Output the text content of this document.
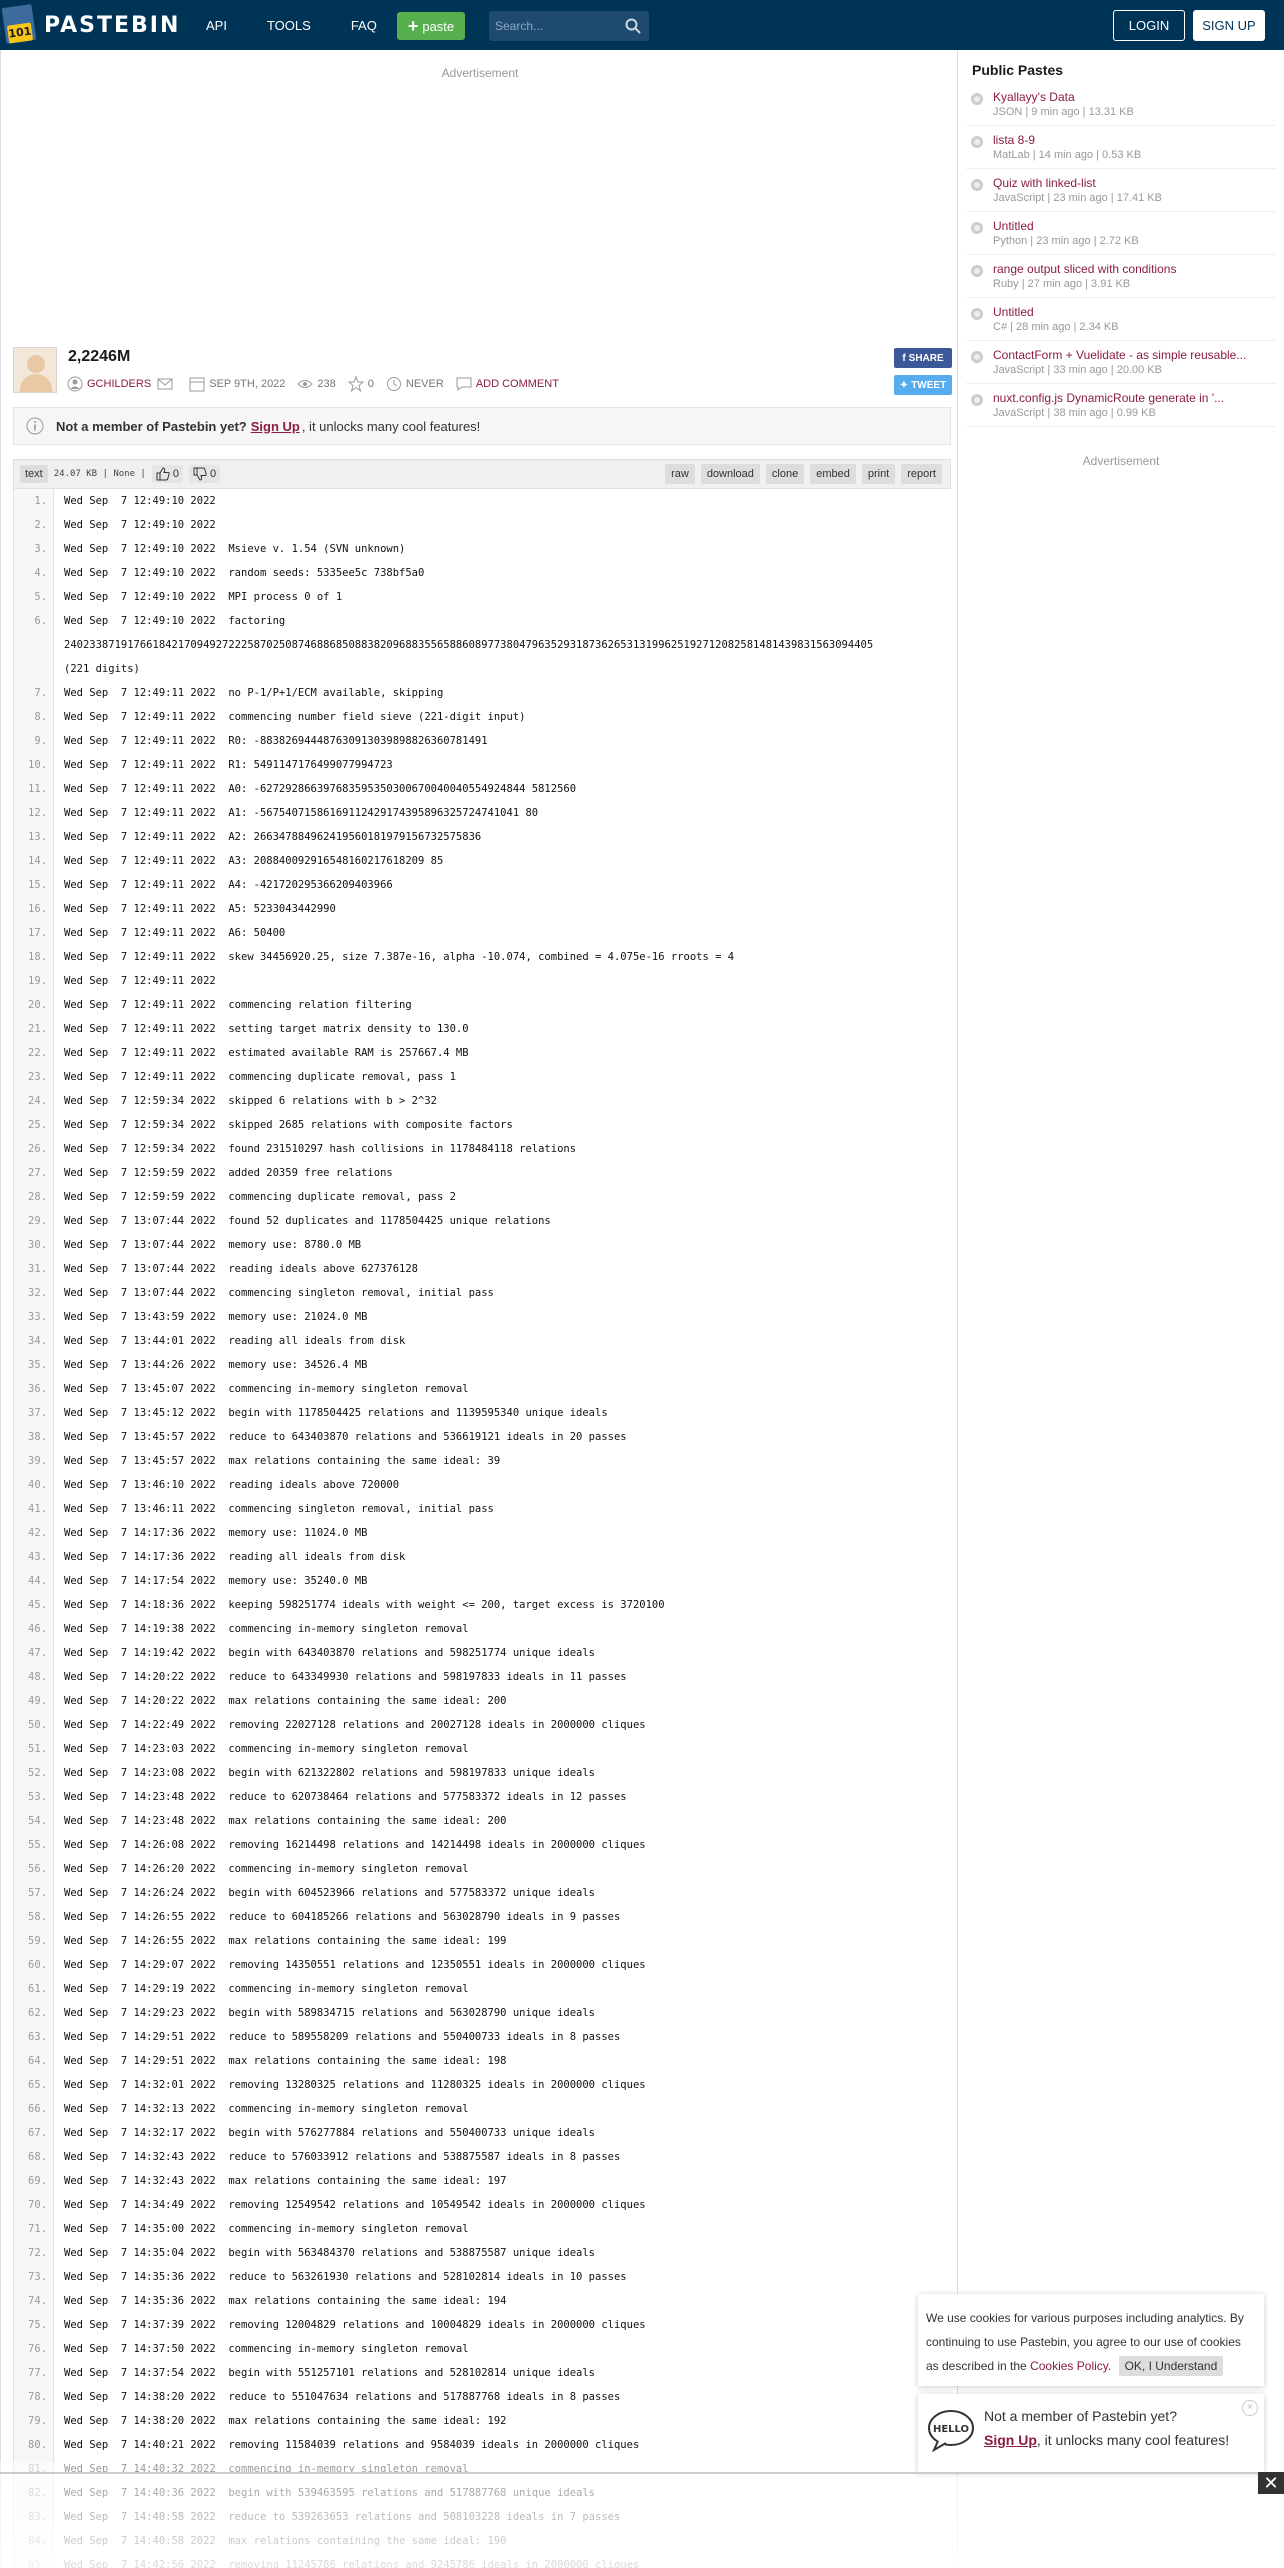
101 PASTEBIN API	TOOLS	FAQ + paste
Search...	LOGIN	SIGN UP
Advertisement
2,2246M
GCHILDERS	SEP 9TH, 2022	238	0	NEVER	ADD COMMENT
f SHARE
✦ TWEET
Not a member of Pastebin yet? Sign Up , it unlocks many cool features!
text	24.07 KB | None | 0	0	raw	download	clone	embed	print	report
1.	Wed Sep  7 12:49:10 2022
2.	Wed Sep  7 12:49:10 2022
3.	Wed Sep  7 12:49:10 2022  Msieve v. 1.54 (SVN unknown)
4.	Wed Sep  7 12:49:10 2022  random seeds: 5335ee5c 738bf5a0
5.	Wed Sep  7 12:49:10 2022  MPI process 0 of 1
6.	Wed Sep  7 12:49:10 2022  factoring
24023387191766184217094927222587025087468868508838209688355658860897738047963529318736265313199625192712082581481439831563094405
(221 digits)
7.	Wed Sep  7 12:49:11 2022  no P-1/P+1/ECM available, skipping
8.	Wed Sep  7 12:49:11 2022  commencing number field sieve (221-digit input)
9.	Wed Sep  7 12:49:11 2022  R0: -883826944487630913039898826360781491
10.	Wed Sep  7 12:49:11 2022  R1: 5491147176499077994723
11.	Wed Sep  7 12:49:11 2022  A0: -627292866397683595350300670040040554924844 5812560
12.	Wed Sep  7 12:49:11 2022  A1: -56754071586169112429174395896325724741041 80
13.	Wed Sep  7 12:49:11 2022  A2: 266347884962419560181979156732575836
14.	Wed Sep  7 12:49:11 2022  A3: 208840092916548160217618209 85
15.	Wed Sep  7 12:49:11 2022  A4: -421720295366209403966
16.	Wed Sep  7 12:49:11 2022  A5: 5233043442990
17.	Wed Sep  7 12:49:11 2022  A6: 50400
18.	Wed Sep  7 12:49:11 2022  skew 34456920.25, size 7.387e-16, alpha -10.074, combined = 4.075e-16 rroots = 4
19.	Wed Sep  7 12:49:11 2022
20.	Wed Sep  7 12:49:11 2022  commencing relation filtering
21.	Wed Sep  7 12:49:11 2022  setting target matrix density to 130.0
22.	Wed Sep  7 12:49:11 2022  estimated available RAM is 257667.4 MB
23.	Wed Sep  7 12:49:11 2022  commencing duplicate removal, pass 1
24.	Wed Sep  7 12:59:34 2022  skipped 6 relations with b > 2^32
25.	Wed Sep  7 12:59:34 2022  skipped 2685 relations with composite factors
26.	Wed Sep  7 12:59:34 2022  found 231510297 hash collisions in 1178484118 relations
27.	Wed Sep  7 12:59:59 2022  added 20359 free relations
28.	Wed Sep  7 12:59:59 2022  commencing duplicate removal, pass 2
29.	Wed Sep  7 13:07:44 2022  found 52 duplicates and 1178504425 unique relations
30.	Wed Sep  7 13:07:44 2022  memory use: 8780.0 MB
31.	Wed Sep  7 13:07:44 2022  reading ideals above 627376128
32.	Wed Sep  7 13:07:44 2022  commencing singleton removal, initial pass
33.	Wed Sep  7 13:43:59 2022  memory use: 21024.0 MB
34.	Wed Sep  7 13:44:01 2022  reading all ideals from disk
35.	Wed Sep  7 13:44:26 2022  memory use: 34526.4 MB
36.	Wed Sep  7 13:45:07 2022  commencing in-memory singleton removal
37.	Wed Sep  7 13:45:12 2022  begin with 1178504425 relations and 1139595340 unique ideals
38.	Wed Sep  7 13:45:57 2022  reduce to 643403870 relations and 536619121 ideals in 20 passes
39.	Wed Sep  7 13:45:57 2022  max relations containing the same ideal: 39
40.	Wed Sep  7 13:46:10 2022  reading ideals above 720000
41.	Wed Sep  7 13:46:11 2022  commencing singleton removal, initial pass
42.	Wed Sep  7 14:17:36 2022  memory use: 11024.0 MB
43.	Wed Sep  7 14:17:36 2022  reading all ideals from disk
44.	Wed Sep  7 14:17:54 2022  memory use: 35240.0 MB
45.	Wed Sep  7 14:18:36 2022  keeping 598251774 ideals with weight <= 200, target excess is 3720100
46.	Wed Sep  7 14:19:38 2022  commencing in-memory singleton removal
47.	Wed Sep  7 14:19:42 2022  begin with 643403870 relations and 598251774 unique ideals
48.	Wed Sep  7 14:20:22 2022  reduce to 643349930 relations and 598197833 ideals in 11 passes
49.	Wed Sep  7 14:20:22 2022  max relations containing the same ideal: 200
50.	Wed Sep  7 14:22:49 2022  removing 22027128 relations and 20027128 ideals in 2000000 cliques
51.	Wed Sep  7 14:23:03 2022  commencing in-memory singleton removal
52.	Wed Sep  7 14:23:08 2022  begin with 621322802 relations and 598197833 unique ideals
53.	Wed Sep  7 14:23:48 2022  reduce to 620738464 relations and 577583372 ideals in 12 passes
54.	Wed Sep  7 14:23:48 2022  max relations containing the same ideal: 200
55.	Wed Sep  7 14:26:08 2022  removing 16214498 relations and 14214498 ideals in 2000000 cliques
56.	Wed Sep  7 14:26:20 2022  commencing in-memory singleton removal
57.	Wed Sep  7 14:26:24 2022  begin with 604523966 relations and 577583372 unique ideals
58.	Wed Sep  7 14:26:55 2022  reduce to 604185266 relations and 563028790 ideals in 9 passes
59.	Wed Sep  7 14:26:55 2022  max relations containing the same ideal: 199
60.	Wed Sep  7 14:29:07 2022  removing 14350551 relations and 12350551 ideals in 2000000 cliques
61.	Wed Sep  7 14:29:19 2022  commencing in-memory singleton removal
62.	Wed Sep  7 14:29:23 2022  begin with 589834715 relations and 563028790 unique ideals
63.	Wed Sep  7 14:29:51 2022  reduce to 589558209 relations and 550400733 ideals in 8 passes
64.	Wed Sep  7 14:29:51 2022  max relations containing the same ideal: 198
65.	Wed Sep  7 14:32:01 2022  removing 13280325 relations and 11280325 ideals in 2000000 cliques
66.	Wed Sep  7 14:32:13 2022  commencing in-memory singleton removal
67.	Wed Sep  7 14:32:17 2022  begin with 576277884 relations and 550400733 unique ideals
68.	Wed Sep  7 14:32:43 2022  reduce to 576033912 relations and 538875587 ideals in 8 passes
69.	Wed Sep  7 14:32:43 2022  max relations containing the same ideal: 197
70.	Wed Sep  7 14:34:49 2022  removing 12549542 relations and 10549542 ideals in 2000000 cliques
71.	Wed Sep  7 14:35:00 2022  commencing in-memory singleton removal
72.	Wed Sep  7 14:35:04 2022  begin with 563484370 relations and 538875587 unique ideals
73.	Wed Sep  7 14:35:36 2022  reduce to 563261930 relations and 528102814 ideals in 10 passes
74.	Wed Sep  7 14:35:36 2022  max relations containing the same ideal: 194
75.	Wed Sep  7 14:37:39 2022  removing 12004829 relations and 10004829 ideals in 2000000 cliques
76.	Wed Sep  7 14:37:50 2022  commencing in-memory singleton removal
77.	Wed Sep  7 14:37:54 2022  begin with 551257101 relations and 528102814 unique ideals
78.	Wed Sep  7 14:38:20 2022  reduce to 551047634 relations and 517887768 ideals in 8 passes
79.	Wed Sep  7 14:38:20 2022  max relations containing the same ideal: 192
80.	Wed Sep  7 14:40:21 2022  removing 11584039 relations and 9584039 ideals in 2000000 cliques
Public Pastes
Kyallayy's Data
JSON | 9 min ago | 13.31 KB
lista 8-9
MatLab | 14 min ago | 0.53 KB
Quiz with linked-list
JavaScript | 23 min ago | 17.41 KB
Untitled
Python | 23 min ago | 2.72 KB
range output sliced with conditions
Ruby | 27 min ago | 3.91 KB
Untitled
C# | 28 min ago | 2.34 KB
ContactForm + Vuelidate - as simple reusable...
JavaScript | 33 min ago | 20.00 KB
nuxt.config.js DynamicRoute generate in '...
JavaScript | 38 min ago | 0.99 KB
Advertisement
We use cookies for various purposes including analytics. By continuing to use Pastebin, you agree to our use of cookies as described in the Cookies Policy. OK, I Understand
HELLO
Not a member of Pastebin yet?
Sign Up, it unlocks many cool features!
×
✕
